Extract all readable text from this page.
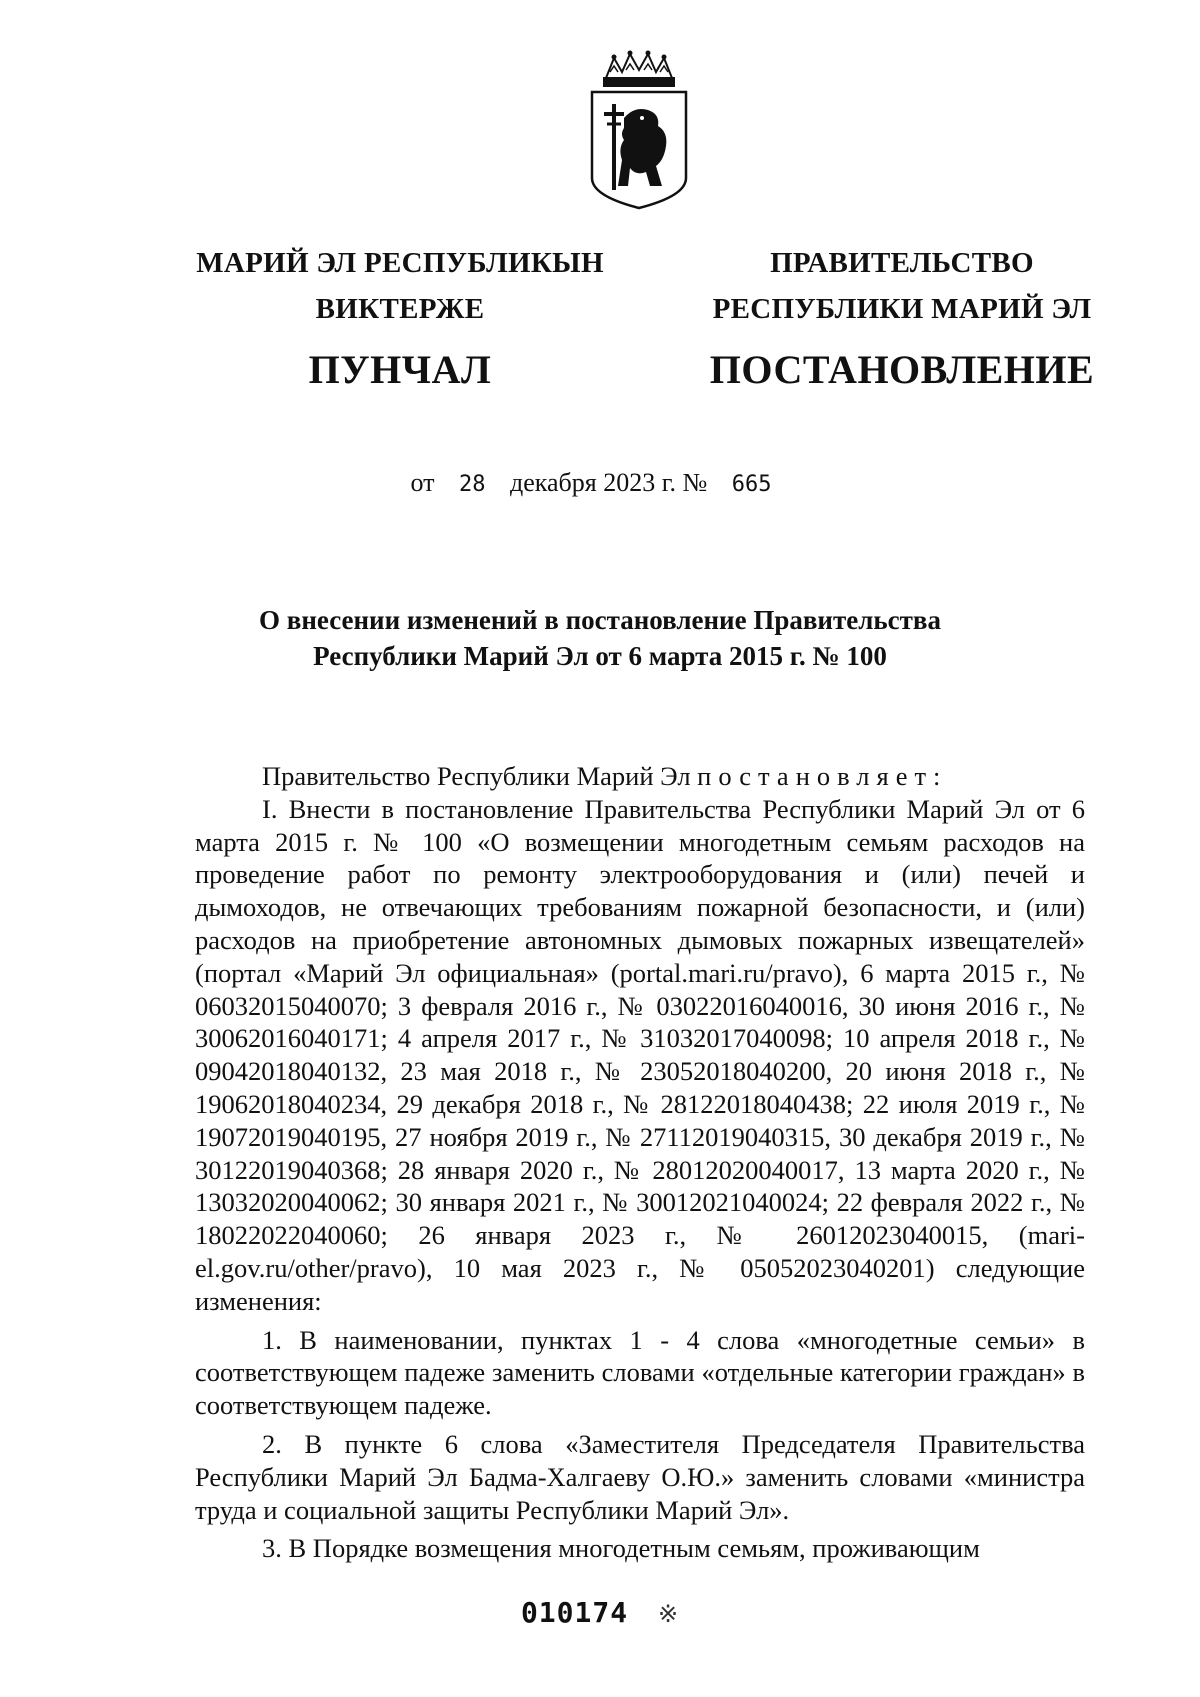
МАРИЙ ЭЛ РЕСПУБЛИКЫН
ВИКТЕРЖЕ
ПУНЧАЛ
ПРАВИТЕЛЬСТВО
РЕСПУБЛИКИ МАРИЙ ЭЛ
ПОСТАНОВЛЕНИЕ
от 28 декабря 2023 г. № 665
О внесении изменений в постановление Правительства
Республики Марий Эл от 6 марта 2015 г. № 100

Правительство Республики Марий Эл постановляет:

I. Внести в постановление Правительства Республики Марий Эл от 6 марта 2015 г. № 100 «О возмещении многодетным семьям расходов на проведение работ по ремонту электрооборудования и (или) печей и дымоходов, не отвечающих требованиям пожарной безопасности, и (или) расходов на приобретение автономных дымовых пожарных извещателей» (портал «Марий Эл официальная» (portal.mari.ru/pravo), 6 марта 2015 г., № 06032015040070; 3 февраля 2016 г., № 03022016040016, 30 июня 2016 г., № 30062016040171; 4 апреля 2017 г., № 31032017040098; 10 апреля 2018 г., № 09042018040132, 23 мая 2018 г., № 23052018040200, 20 июня 2018 г., № 19062018040234, 29 декабря 2018 г., № 28122018040438; 22 июля 2019 г., № 19072019040195, 27 ноября 2019 г., № 27112019040315, 30 декабря 2019 г., № 30122019040368; 28 января 2020 г., № 28012020040017, 13 марта 2020 г., № 13032020040062; 30 января 2021 г., № 30012021040024; 22 февраля 2022 г., № 18022022040060; 26 января 2023 г., № 26012023040015, (mari-el.gov.ru/other/pravo), 10 мая 2023 г., № 05052023040201) следующие изменения:

1. В наименовании, пунктах 1 - 4 слова «многодетные семьи» в соответствующем падеже заменить словами «отдельные категории граждан» в соответствующем падеже.

2. В пункте 6 слова «Заместителя Председателя Правительства Республики Марий Эл Бадма-Халгаеву О.Ю.» заменить словами «министра труда и социальной защиты Республики Марий Эл».

3. В Порядке возмещения многодетным семьям, проживающим

010174 ※
